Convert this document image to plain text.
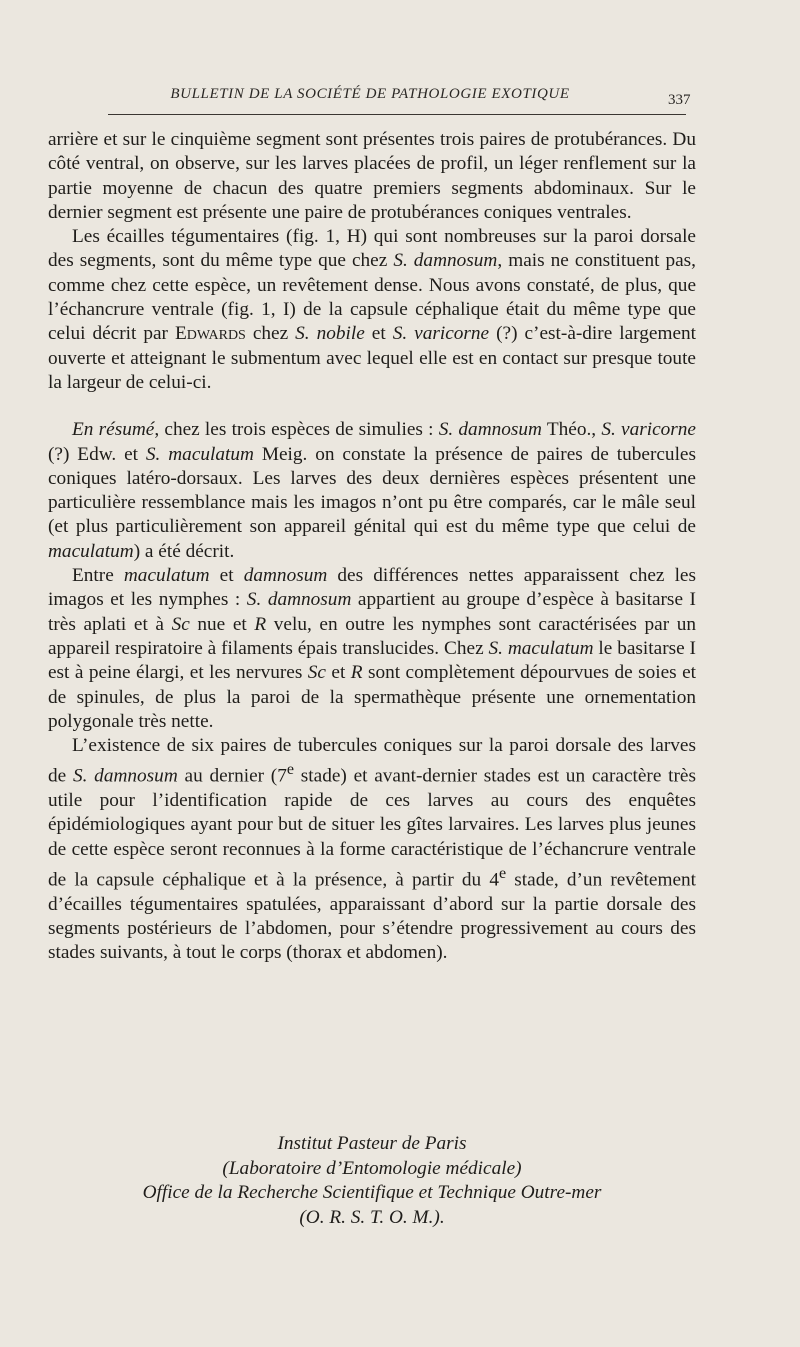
BULLETIN DE LA SOCIÉTÉ DE PATHOLOGIE EXOTIQUE	337

arrière et sur le cinquième segment sont présentes trois paires de protubérances. Du côté ventral, on observe, sur les larves placées de profil, un léger renflement sur la partie moyenne de chacun des quatre premiers segments abdominaux. Sur le dernier segment est présente une paire de protubérances coniques ventrales.

Les écailles tégumentaires (fig. 1, H) qui sont nombreuses sur la paroi dorsale des segments, sont du même type que chez S. damnosum, mais ne constituent pas, comme chez cette espèce, un revêtement dense. Nous avons constaté, de plus, que l’échancrure ventrale (fig. 1, I) de la capsule céphalique était du même type que celui décrit par Edwards chez S. nobile et S. varicorne (?) c’est-à-dire largement ouverte et atteignant le submentum avec lequel elle est en contact sur presque toute la largeur de celui-ci.

En résumé, chez les trois espèces de simulies : S. damnosum Théo., S. varicorne (?) Edw. et S. maculatum Meig. on constate la présence de paires de tubercules coniques latéro-dorsaux. Les larves des deux dernières espèces présentent une particulière ressemblance mais les imagos n’ont pu être comparés, car le mâle seul (et plus particulièrement son appareil génital qui est du même type que celui de maculatum) a été décrit.

Entre maculatum et damnosum des différences nettes apparaissent chez les imagos et les nymphes : S. damnosum appartient au groupe d’espèce à basitarse I très aplati et à Sc nue et R velu, en outre les nymphes sont caractérisées par un appareil respiratoire à filaments épais translucides. Chez S. maculatum le basitarse I est à peine élargi, et les nervures Sc et R sont complètement dépourvues de soies et de spinules, de plus la paroi de la spermathèque présente une ornementation polygonale très nette.

L’existence de six paires de tubercules coniques sur la paroi dorsale des larves de S. damnosum au dernier (7e stade) et avant-dernier stades est un caractère très utile pour l’identification rapide de ces larves au cours des enquêtes épidémiologiques ayant pour but de situer les gîtes larvaires. Les larves plus jeunes de cette espèce seront reconnues à la forme caractéristique de l’échancrure ventrale de la capsule céphalique et à la présence, à partir du 4e stade, d’un revêtement d’écailles tégumentaires spatulées, apparaissant d’abord sur la partie dorsale des segments postérieurs de l’abdomen, pour s’étendre progressivement au cours des stades suivants, à tout le corps (thorax et abdomen).

Institut Pasteur de Paris
(Laboratoire d’Entomologie médicale)
Office de la Recherche Scientifique et Technique Outre-mer
(O. R. S. T. O. M.).
